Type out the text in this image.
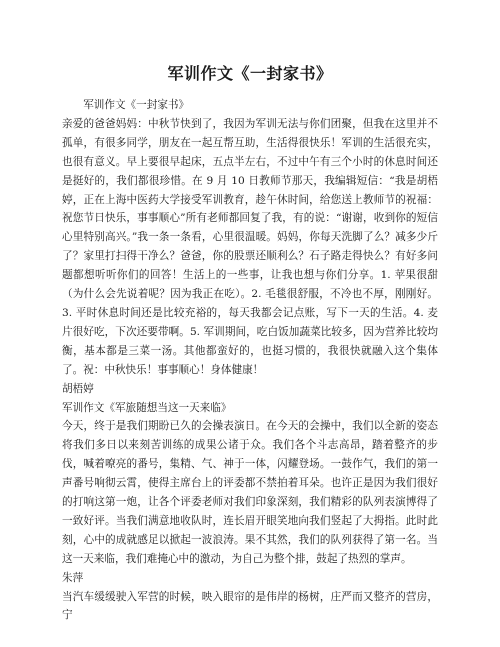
军训作文《一封家书》

军训作文《一封家书》

亲爱的爸爸妈妈：中秋节快到了，我因为军训无法与你们团聚，但我在这里并不孤单，有很多同学，朋友在一起互帮互助，生活得很快乐！军训的生活很充实，也很有意义。早上要很早起床，五点半左右，不过中午有三个小时的休息时间还是挺好的，我们都很珍惜。在 9 月 10 日教师节那天，我编辑短信：“我是胡梧婷，正在上海中医药大学接受军训教育，趁午休时间，给您送上教师节的祝福：祝您节日快乐，事事顺心”所有老师都回复了我，有的说：“谢谢，收到你的短信心里特别高兴。”我一条一条看，心里很温暖。妈妈，你每天洗脚了么？减多少斤了？家里打扫得干净么？爸爸，你的股票还顺利么？石子路走得快么？有好多问题都想听听你们的回答！生活上的一些事，让我也想与你们分享。1. 苹果很甜（为什么会先说着呢？因为我正在吃）。2. 毛毯很舒服，不冷也不厚，刚刚好。3. 平时休息时间还是比较充裕的，每天我都会记点账，写下一天的生活。4. 麦片很好吃，下次还要带啊。5. 军训期间，吃白饭加蔬菜比较多，因为营养比较均衡，基本都是三菜一汤。其他都蛮好的，也挺习惯的，我很快就融入这个集体了。祝：中秋快乐！事事顺心！身体健康！

胡梧婷

军训作文《军旅随想当这一天来临》

今天，终于是我们期盼已久的会操表演日。在今天的会操中，我们以全新的姿态将我们多日以来刻苦训练的成果公诸于众。我们各个斗志高昂，踏着整齐的步伐，喊着嘹亮的番号，集精、气、神于一体，闪耀登场。一鼓作气，我们的第一声番号响彻云霄，使得主席台上的评委都不禁拍着耳朵。也许正是因为我们很好的打响这第一炮，让各个评委老师对我们印象深刻，我们精彩的队列表演博得了一致好评。当我们满意地收队时，连长眉开眼笑地向我们竖起了大拇指。此时此刻，心中的成就感足以掀起一波浪涛。果不其然，我们的队列获得了第一名。当这一天来临，我们难掩心中的激动，为自己为整个排，鼓起了热烈的掌声。

朱萍

当汽车缓缓驶入军营的时候，映入眼帘的是伟岸的杨树，庄严而又整齐的营房，宁
